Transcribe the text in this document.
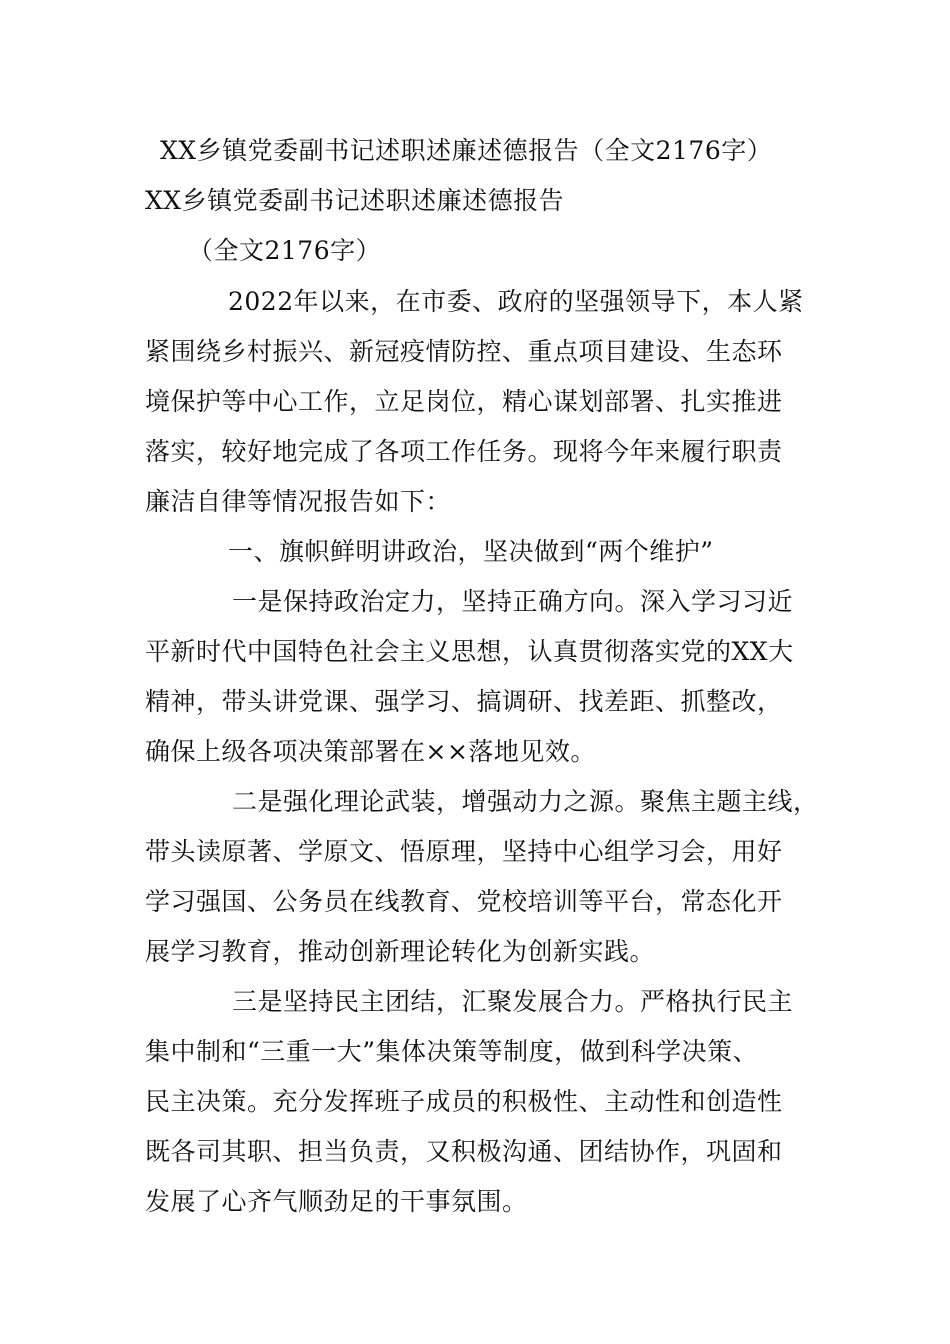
XX乡镇党委副书记述职述廉述德报告（全文2176字）
XX乡镇党委副书记述职述廉述德报告
（全文2176字）
2022年以来，在市委、政府的坚强领导下，本人紧
紧围绕乡村振兴、新冠疫情防控、重点项目建设、生态环
境保护等中心工作，立足岗位，精心谋划部署、扎实推进
落实，较好地完成了各项工作任务。现将今年来履行职责
廉洁自律等情况报告如下：
一、旗帜鲜明讲政治，坚决做到“两个维护”
一是保持政治定力，坚持正确方向。深入学习习近
平新时代中国特色社会主义思想，认真贯彻落实党的XX大
精神，带头讲党课、强学习、搞调研、找差距、抓整改，
确保上级各项决策部署在××落地见效。
二是强化理论武装，增强动力之源。聚焦主题主线，
带头读原著、学原文、悟原理，坚持中心组学习会，用好
学习强国、公务员在线教育、党校培训等平台，常态化开
展学习教育，推动创新理论转化为创新实践。
三是坚持民主团结，汇聚发展合力。严格执行民主
集中制和“三重一大”集体决策等制度，做到科学决策、
民主决策。充分发挥班子成员的积极性、主动性和创造性
既各司其职、担当负责，又积极沟通、团结协作，巩固和
发展了心齐气顺劲足的干事氛围。
